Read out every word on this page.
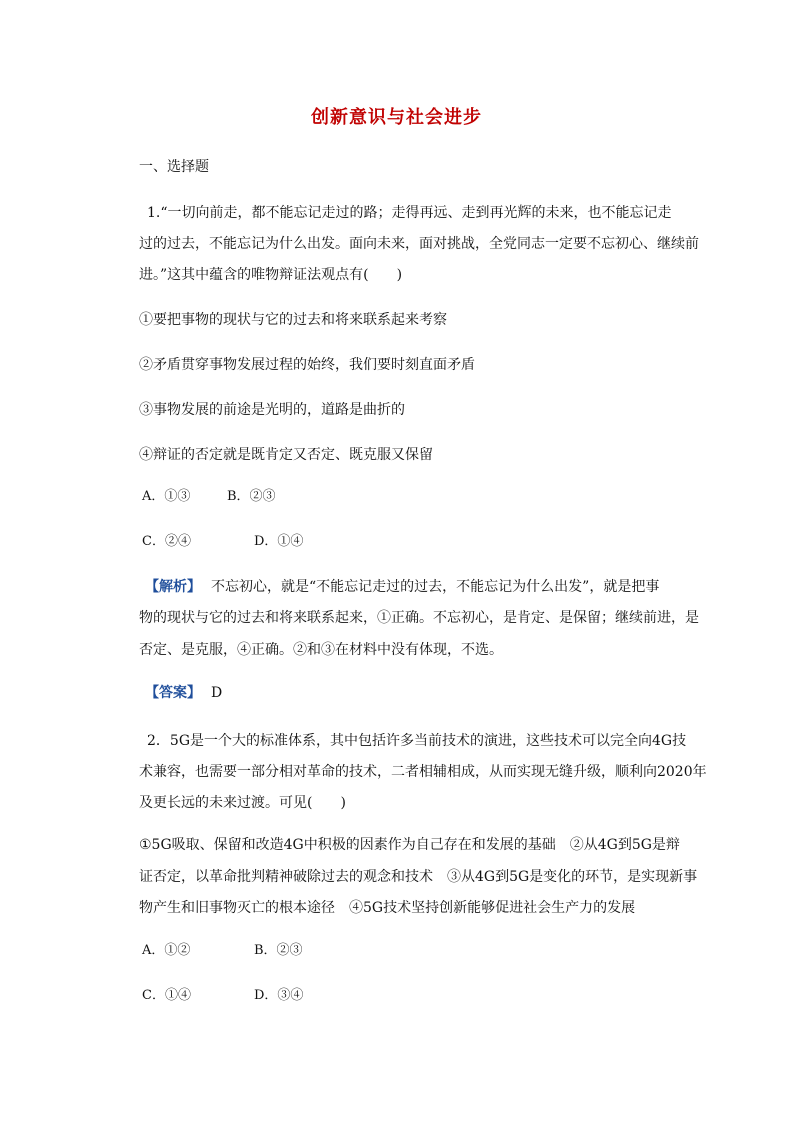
创新意识与社会进步
一、选择题
1.“一切向前走，都不能忘记走过的路；走得再远、走到再光辉的未来，也不能忘记走
过的过去，不能忘记为什么出发。面向未来，面对挑战，全党同志一定要不忘初心、继续前
进。”这其中蕴含的唯物辩证法观点有(　　)
①要把事物的现状与它的过去和将来联系起来考察
②矛盾贯穿事物发展过程的始终，我们要时刻直面矛盾
③事物发展的前途是光明的，道路是曲折的
④辩证的否定就是既肯定又否定、既克服又保留
A．①③	B．②③
C．②④	D．①④
【解析】 不忘初心，就是“不能忘记走过的过去，不能忘记为什么出发”，就是把事
物的现状与它的过去和将来联系起来，①正确。不忘初心，是肯定、是保留；继续前进，是
否定、是克服，④正确。②和③在材料中没有体现，不选。
【答案】 D
2．5G是一个大的标准体系，其中包括许多当前技术的演进，这些技术可以完全向4G技
术兼容，也需要一部分相对革命的技术，二者相辅相成，从而实现无缝升级，顺利向2020年
及更长远的未来过渡。可见(　　)
①5G吸取、保留和改造4G中积极的因素作为自己存在和发展的基础　②从4G到5G是辩
证否定，以革命批判精神破除过去的观念和技术　③从4G到5G是变化的环节，是实现新事
物产生和旧事物灭亡的根本途径　④5G技术坚持创新能够促进社会生产力的发展
A．①②	B．②③
C．①④	D．③④
